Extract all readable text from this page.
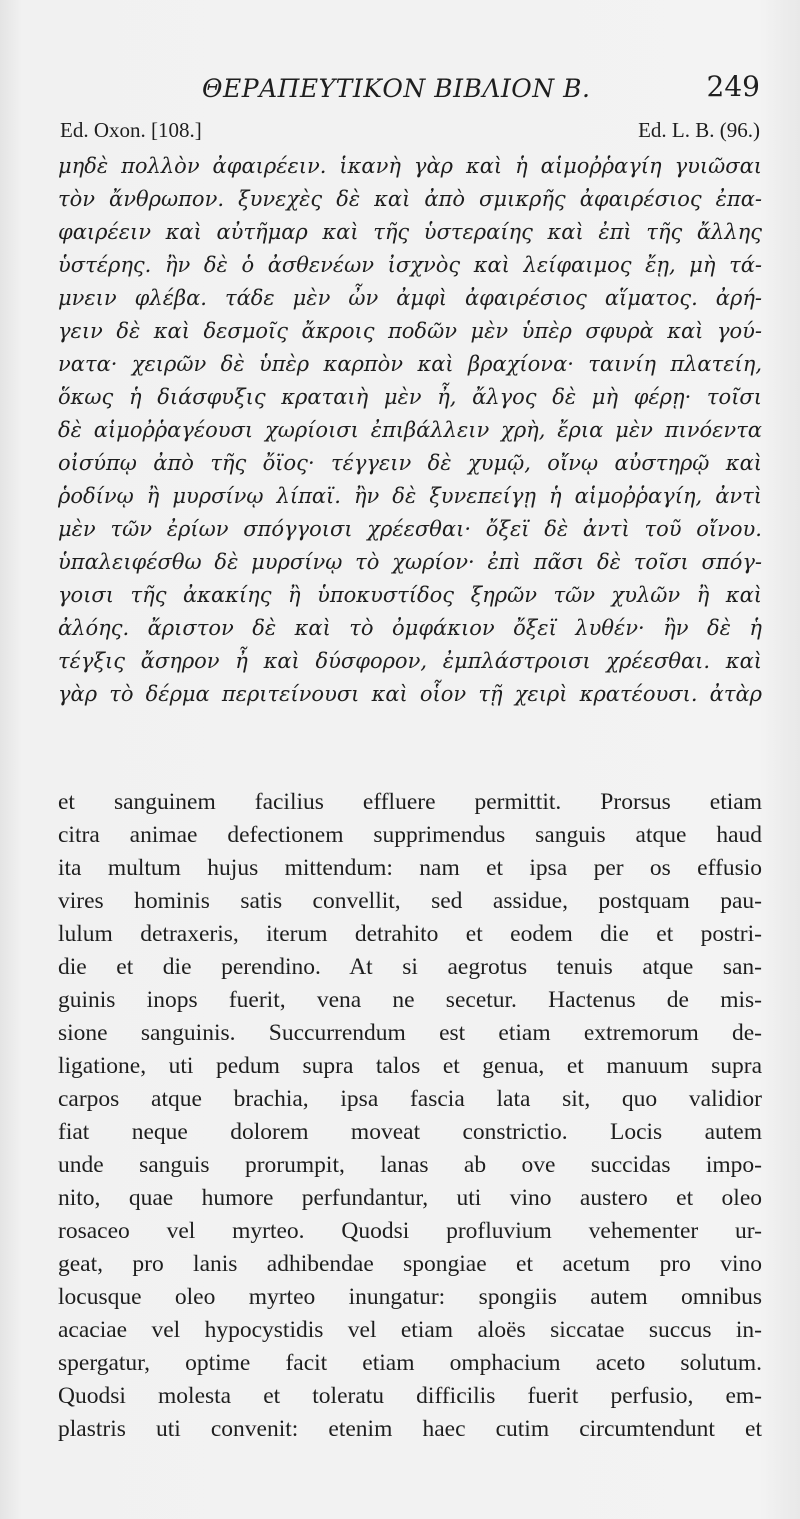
ΘΕΡΑΠΕΥΤΙΚΟΝ ΒΙΒΛΙΟΝ Β.	249
Ed. Oxon. [108.]	Ed. L. B. (96.)
μηδὲ πολλὸν ἀφαιρέειν. ἱκανὴ γὰρ καὶ ἡ αἱμοῤῥαγίη γυιῶσαι
τὸν ἄνθρωπον. ξυνεχὲς δὲ καὶ ἀπὸ σμικρῆς ἀφαιρέσιος ἐπα-
φαιρέειν καὶ αὐτῆμαρ καὶ τῆς ὑστεραίης καὶ ἐπὶ τῆς ἄλλης
ὑστέρης. ἢν δὲ ὁ ἀσθενέων ἰσχνὸς καὶ λείφαιμος ἔῃ, μὴ τά-
μνειν φλέβα. τάδε μὲν ὦν ἀμφὶ ἀφαιρέσιος αἵματος. ἀρή-
γειν δὲ καὶ δεσμοῖς ἄκροις ποδῶν μὲν ὑπὲρ σφυρὰ καὶ γού-
νατα· χειρῶν δὲ ὑπὲρ καρπὸν καὶ βραχίονα· ταινίη πλατείη,
ὅκως ἡ διάσφυξις κραταιὴ μὲν ἦ, ἄλγος δὲ μὴ φέρῃ· τοῖσι
δὲ αἱμοῤῥαγέουσι χωρίοισι ἐπιβάλλειν χρὴ, ἔρια μὲν πινόεντα
οἰσύπῳ ἀπὸ τῆς ὄϊος· τέγγειν δὲ χυμῷ, οἴνῳ αὐστηρῷ καὶ
ῥοδίνῳ ἢ μυρσίνῳ λίπαϊ. ἢν δὲ ξυνεπείγῃ ἡ αἱμοῤῥαγίη, ἀντὶ
μὲν τῶν ἐρίων σπόγγοισι χρέεσθαι· ὄξεϊ δὲ ἀντὶ τοῦ οἴνου.
ὑπαλειφέσθω δὲ μυρσίνῳ τὸ χωρίον· ἐπὶ πᾶσι δὲ τοῖσι σπόγ-
γοισι τῆς ἀκακίης ἢ ὑποκυστίδος ξηρῶν τῶν χυλῶν ἢ καὶ
ἀλόης. ἄριστον δὲ καὶ τὸ ὀμφάκιον ὄξεϊ λυθέν· ἢν δὲ ἡ
τέγξις ἄσηρον ἦ καὶ δύσφορον, ἐμπλάστροισι χρέεσθαι. καὶ
γὰρ τὸ δέρμα περιτείνουσι καὶ οἷον τῇ χειρὶ κρατέουσι. ἀτὰρ
et sanguinem facilius effluere permittit. Prorsus etiam
citra animae defectionem supprimendus sanguis atque haud
ita multum hujus mittendum: nam et ipsa per os effusio
vires hominis satis convellit, sed assidue, postquam pau-
lulum detraxeris, iterum detrahito et eodem die et postri-
die et die perendino. At si aegrotus tenuis atque san-
guinis inops fuerit, vena ne secetur. Hactenus de mis-
sione sanguinis. Succurrendum est etiam extremorum de-
ligatione, uti pedum supra talos et genua, et manuum supra
carpos atque brachia, ipsa fascia lata sit, quo validior
fiat neque dolorem moveat constrictio. Locis autem
unde sanguis prorumpit, lanas ab ove succidas impo-
nito, quae humore perfundantur, uti vino austero et oleo
rosaceo vel myrteo. Quodsi profluvium vehementer ur-
geat, pro lanis adhibendae spongiae et acetum pro vino
locusque oleo myrteo inungatur: spongiis autem omnibus
acaciae vel hypocystidis vel etiam aloës siccatae succus in-
spergatur, optime facit etiam omphacium aceto solutum.
Quodsi molesta et toleratu difficilis fuerit perfusio, em-
plastris uti convenit: etenim haec cutim circumtendunt et
